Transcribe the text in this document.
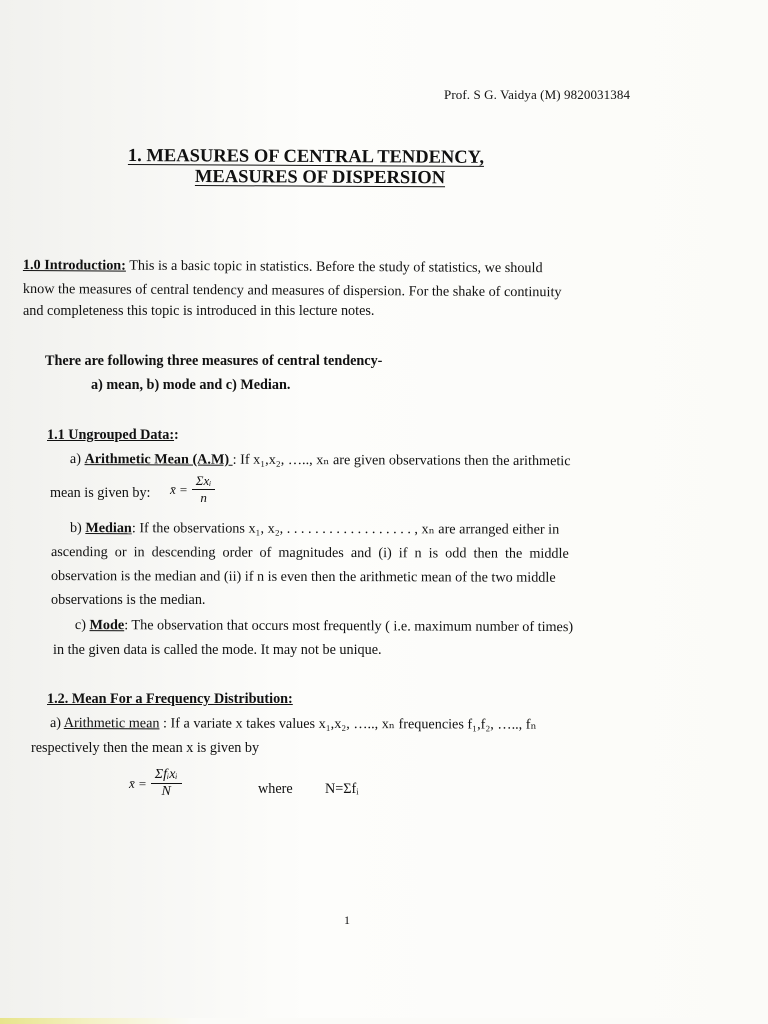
Prof. S G. Vaidya (M) 9820031384
1. MEASURES OF CENTRAL TENDENCY,
MEASURES OF DISPERSION
1.0 Introduction: This is a basic topic in statistics. Before the study of statistics, we should
know the measures of central tendency and measures of dispersion. For the shake of continuity
and completeness this topic is introduced in this lecture notes.
There are following three measures of central tendency-
a) mean, b) mode and c) Median.
1.1 Ungrouped Data::
a) Arithmetic Mean (A.M) : If x₁,x₂, ….., xₙ are given observations then the arithmetic
mean is given by: x̄ = $\frac{\text{Σxᵢ}}{n}$
b) Median: If the observations x₁, x₂, . . . . . . . . . . . . . . . . . . , xₙ are arranged either in
ascending or in descending order of magnitudes and (i) if n is odd then the middle
observation is the median and (ii) if n is even then the arithmetic mean of the two middle
observations is the median.
c) Mode: The observation that occurs most frequently ( i.e. maximum number of times)
in the given data is called the mode. It may not be unique.
1.2. Mean For a Frequency Distribution:
a) Arithmetic mean : If a variate x takes values x₁,x₂, ….., xₙ frequencies f₁,f₂, ….., fₙ
respectively then the mean x is given by
x̄ = $\frac{\text{Σfᵢxᵢ}}{N}$	where N=Σfᵢ
1
